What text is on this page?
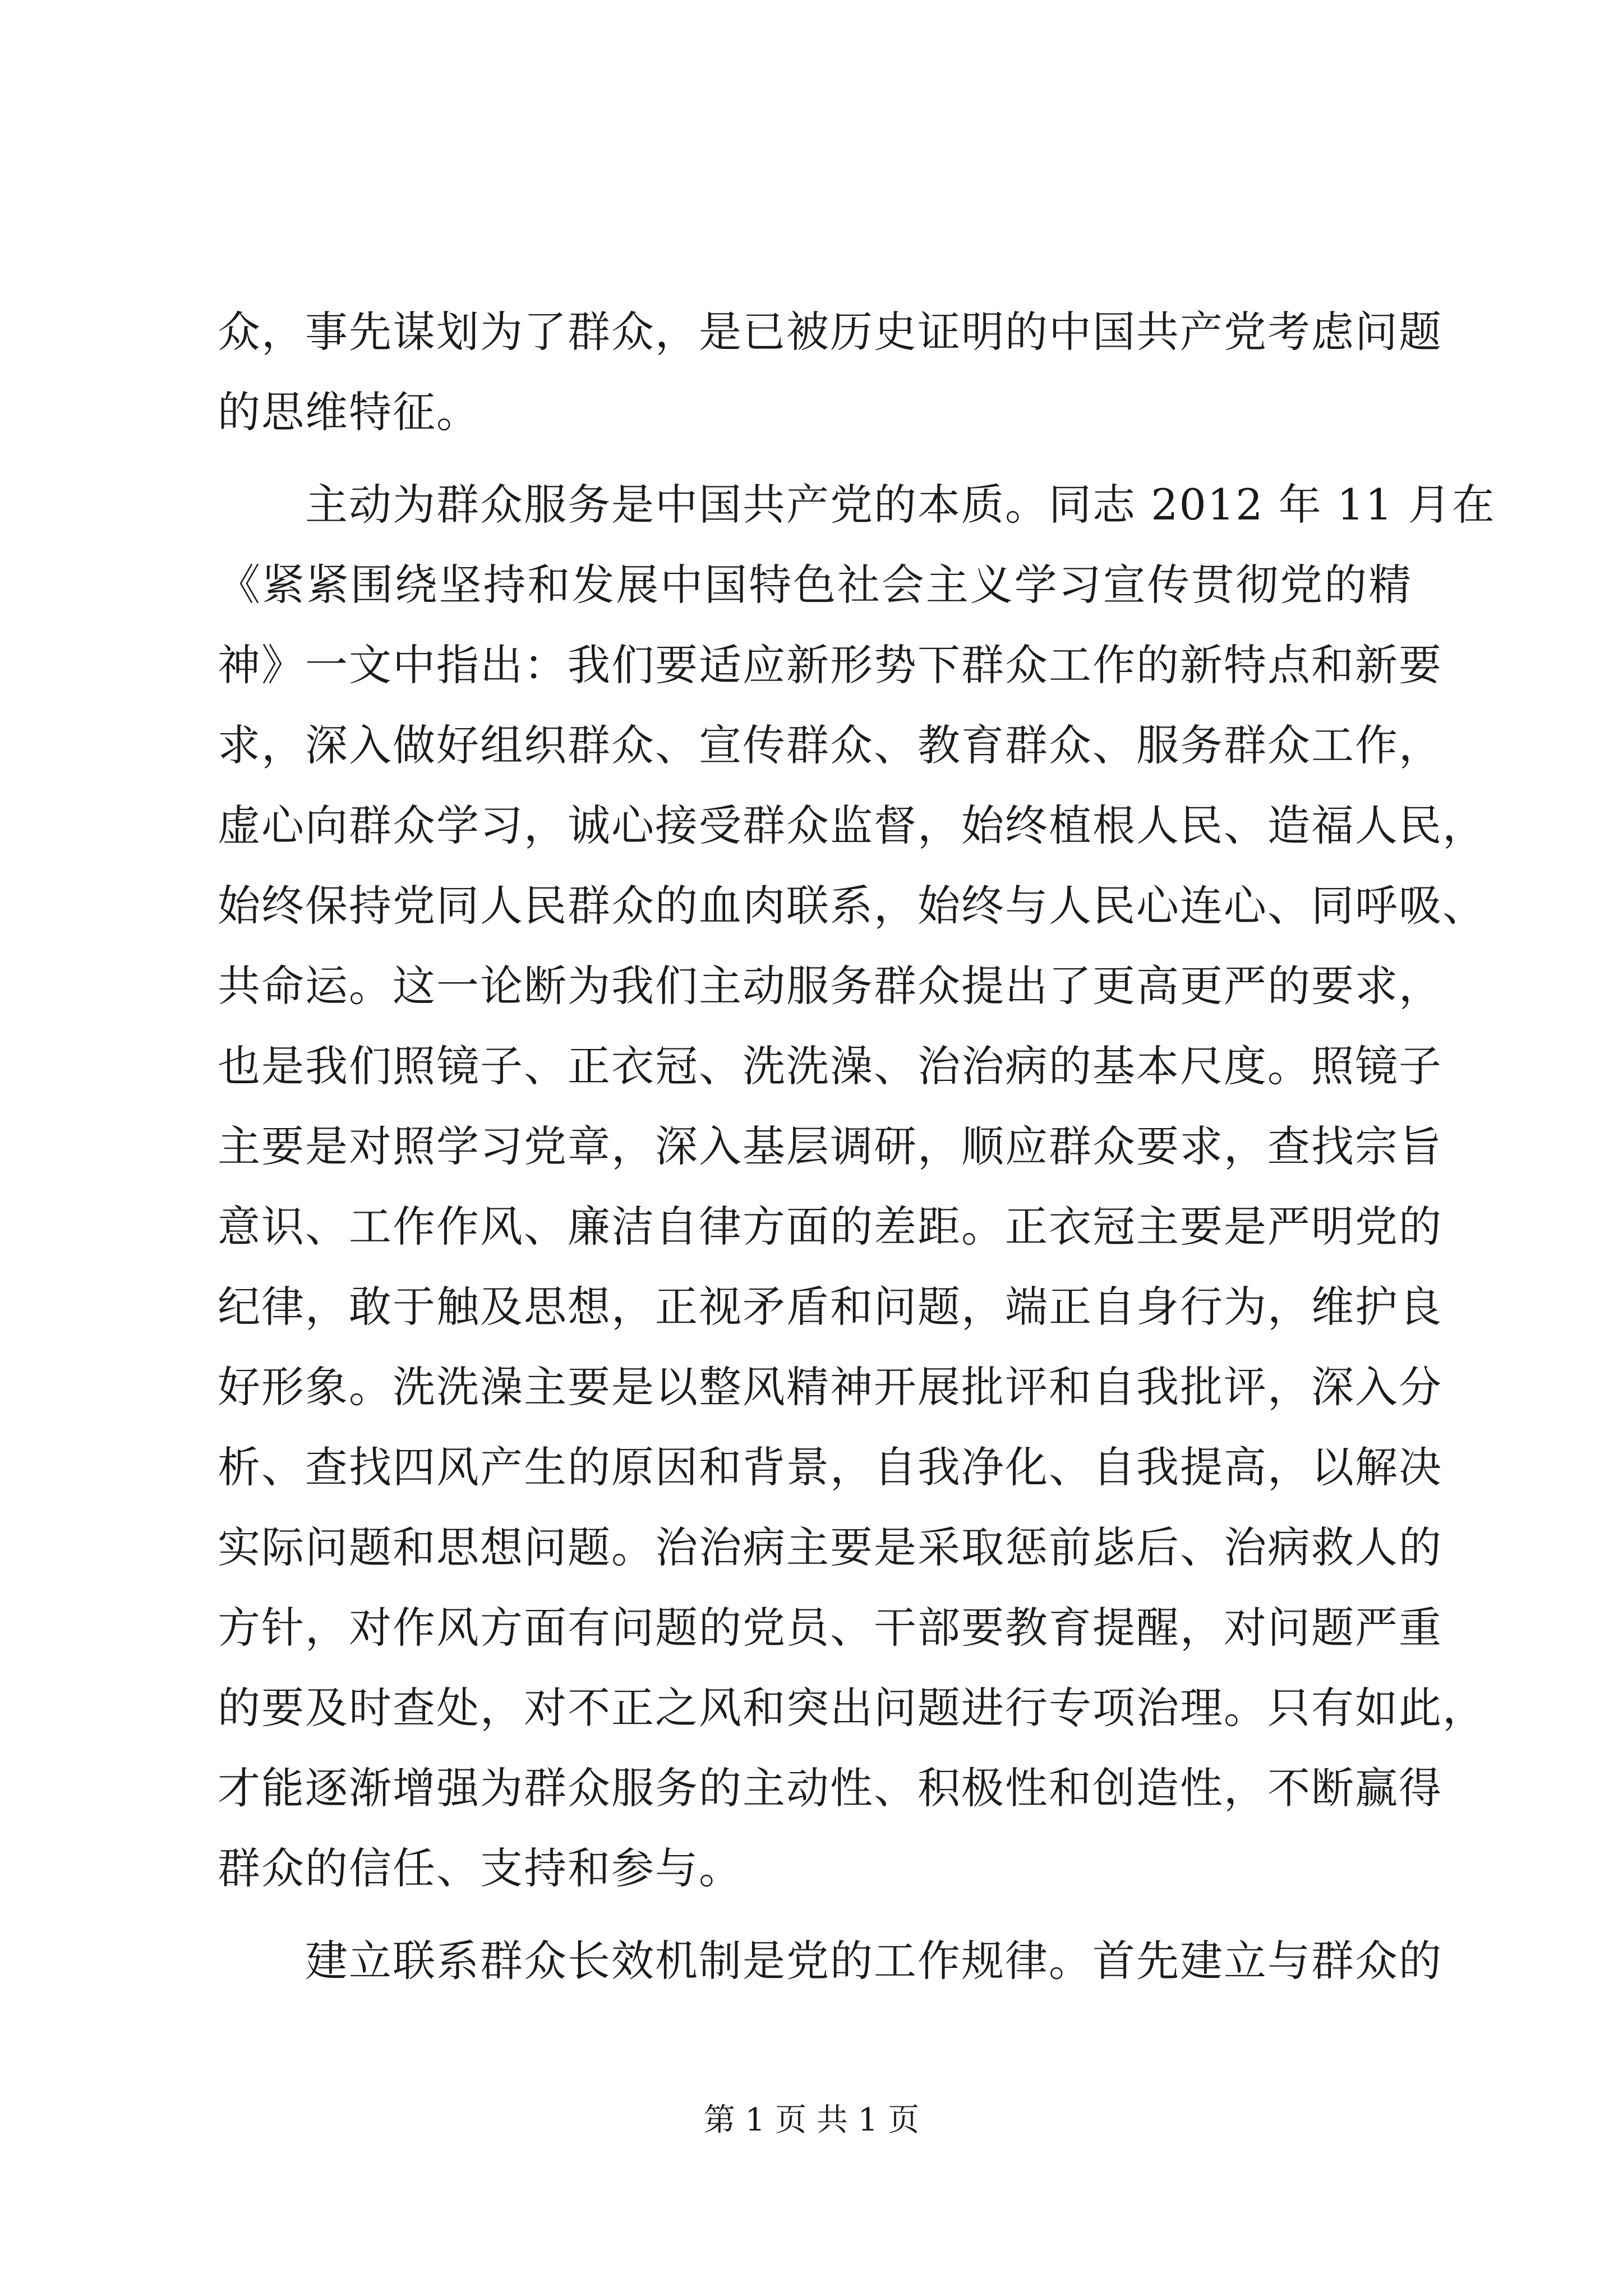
众，事先谋划为了群众，是已被历史证明的中国共产党考虑问题
的思维特征。
主动为群众服务是中国共产党的本质。同志 2012 年 11 月在
《紧紧围绕坚持和发展中国特色社会主义学习宣传贯彻党的精
神》一文中指出：我们要适应新形势下群众工作的新特点和新要
求，深入做好组织群众、宣传群众、教育群众、服务群众工作，
虚心向群众学习，诚心接受群众监督，始终植根人民、造福人民，
始终保持党同人民群众的血肉联系，始终与人民心连心、同呼吸、
共命运。这一论断为我们主动服务群众提出了更高更严的要求，
也是我们照镜子、正衣冠、洗洗澡、治治病的基本尺度。照镜子
主要是对照学习党章，深入基层调研，顺应群众要求，查找宗旨
意识、工作作风、廉洁自律方面的差距。正衣冠主要是严明党的
纪律，敢于触及思想，正视矛盾和问题，端正自身行为，维护良
好形象。洗洗澡主要是以整风精神开展批评和自我批评，深入分
析、查找四风产生的原因和背景，自我净化、自我提高，以解决
实际问题和思想问题。治治病主要是采取惩前毖后、治病救人的
方针，对作风方面有问题的党员、干部要教育提醒，对问题严重
的要及时查处，对不正之风和突出问题进行专项治理。只有如此，
才能逐渐增强为群众服务的主动性、积极性和创造性，不断赢得
群众的信任、支持和参与。
建立联系群众长效机制是党的工作规律。首先建立与群众的
第 1 页 共 1 页
